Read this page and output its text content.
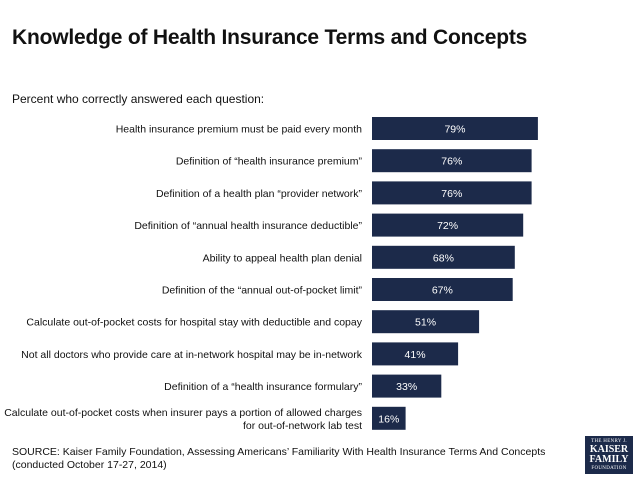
Knowledge of Health Insurance Terms and Concepts

Percent who correctly answered each question:

79%
Health insurance premium must be paid every month
76%
Definition of “health insurance premium”
76%
Definition of a health plan “provider network”
72%
Definition of “annual health insurance deductible”
68%
Ability to appeal health plan denial
67%
Definition of the “annual out-of-pocket limit”
51%
Calculate out-of-pocket costs for hospital stay with deductible and copay
41%
Not all doctors who provide care at in-network hospital may be in-network
33%
Definition of a “health insurance formulary”
16%
Calculate out-of-pocket costs when insurer pays a portion of allowed charges
for out-of-network lab test

SOURCE: Kaiser Family Foundation, Assessing Americans’ Familiarity With Health Insurance Terms And Concepts (conducted October 17-27, 2014)

THE HENRY J.
KAISER
FAMILY
FOUNDATION
